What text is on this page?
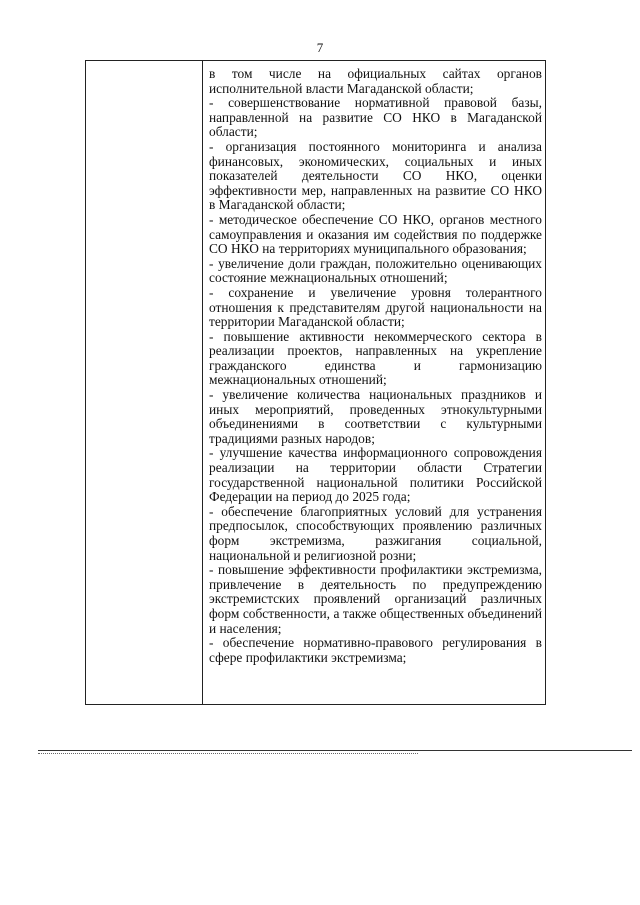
7

в том числе на официальных сайтах органов исполнительной власти Магаданской области;

- совершенствование нормативной правовой базы, направленной на развитие СО НКО в Магаданской области;

- организация постоянного мониторинга и анализа финансовых, экономических, социальных и иных показателей деятельности СО НКО, оценки эффективности мер, направленных на развитие СО НКО в Магаданской области;

- методическое обеспечение СО НКО, органов местного самоуправления и оказания им содействия по поддержке СО НКО на территориях муниципального образования;

- увеличение доли граждан, положительно оценивающих состояние межнациональных отношений;

- сохранение и увеличение уровня толерантного отношения к представителям другой национальности на территории Магаданской области;

- повышение активности некоммерческого сектора в реализации проектов, направленных на укрепление гражданского единства и гармонизацию межнациональных отношений;

- увеличение количества национальных праздников и иных мероприятий, проведенных этнокультурными объединениями в соответствии с культурными традициями разных народов;

- улучшение качества информационного сопровождения реализации на территории области Стратегии государственной национальной политики Российской Федерации на период до 2025 года;

- обеспечение благоприятных условий для устранения предпосылок, способствующих проявлению различных форм экстремизма, разжигания социальной, национальной и религиозной розни;

- повышение эффективности профилактики экстремизма, привлечение в деятельность по предупреждению экстремистских проявлений организаций различных форм собственности, а также общественных объединений и населения;

- обеспечение нормативно-правового регулирования в сфере профилактики экстремизма;
